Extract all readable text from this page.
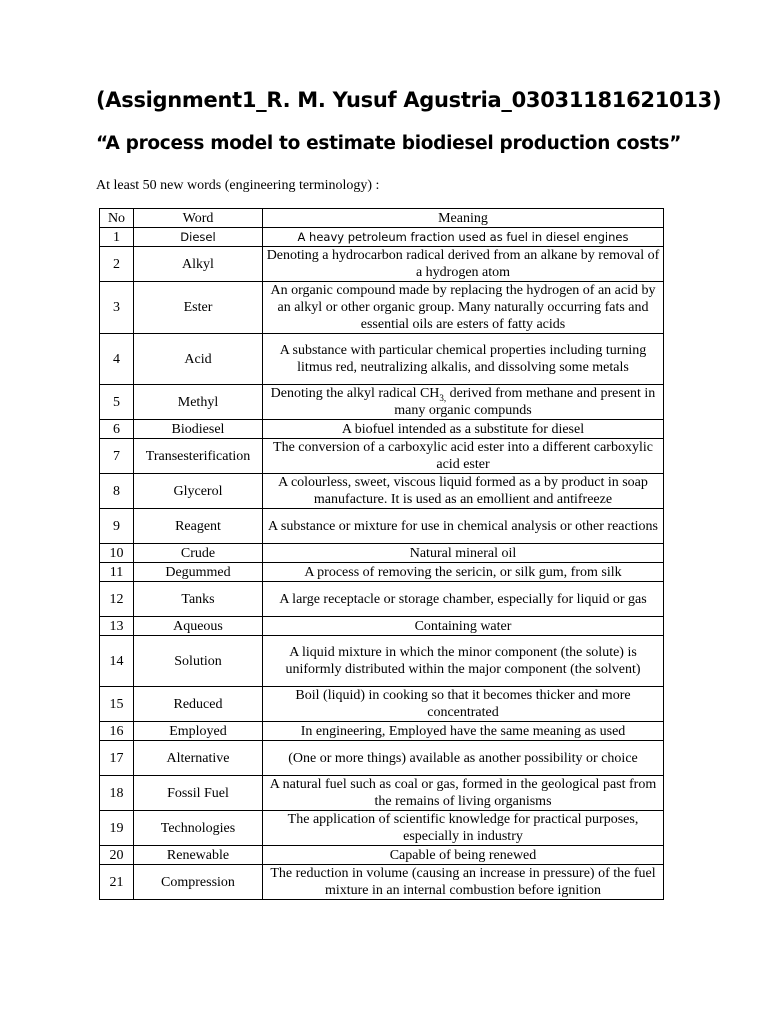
(Assignment1_R. M. Yusuf Agustria_03031181621013)
“A process model to estimate biodiesel production costs”
At least 50 new words (engineering terminology) :
No	Word	Meaning
1	Diesel	A heavy petroleum fraction used as fuel in diesel engines
2	Alkyl	Denoting a hydrocarbon radical derived from an alkane by removal of a hydrogen atom
3	Ester	An organic compound made by replacing the hydrogen of an acid by an alkyl or other organic group. Many naturally occurring fats and essential oils are esters of fatty acids
4	Acid	A substance with particular chemical properties including turning litmus red, neutralizing alkalis, and dissolving some metals
5	Methyl	Denoting the alkyl radical $CH_{3,}$ derived from methane and present in many organic compunds
6	Biodiesel	A biofuel intended as a substitute for diesel
7	Transesterification	The conversion of a carboxylic acid ester into a different carboxylic acid ester
8	Glycerol	A colourless, sweet, viscous liquid formed as a by product in soap manufacture. It is used as an emollient and antifreeze
9	Reagent	A substance or mixture for use in chemical analysis or other reactions
10	Crude	Natural mineral oil
11	Degummed	A process of removing the sericin, or silk gum, from silk
12	Tanks	A large receptacle or storage chamber, especially for liquid or gas
13	Aqueous	Containing water
14	Solution	A liquid mixture in which the minor component (the solute) is uniformly distributed within the major component (the solvent)
15	Reduced	Boil (liquid) in cooking so that it becomes thicker and more concentrated
16	Employed	In engineering, Employed have the same meaning as used
17	Alternative	(One or more things) available as another possibility or choice
18	Fossil Fuel	A natural fuel such as coal or gas, formed in the geological past from the remains of living organisms
19	Technologies	The application of scientific knowledge for practical purposes, especially in industry
20	Renewable	Capable of being renewed
21	Compression	The reduction in volume (causing an increase in pressure) of the fuel mixture in an internal combustion before ignition
